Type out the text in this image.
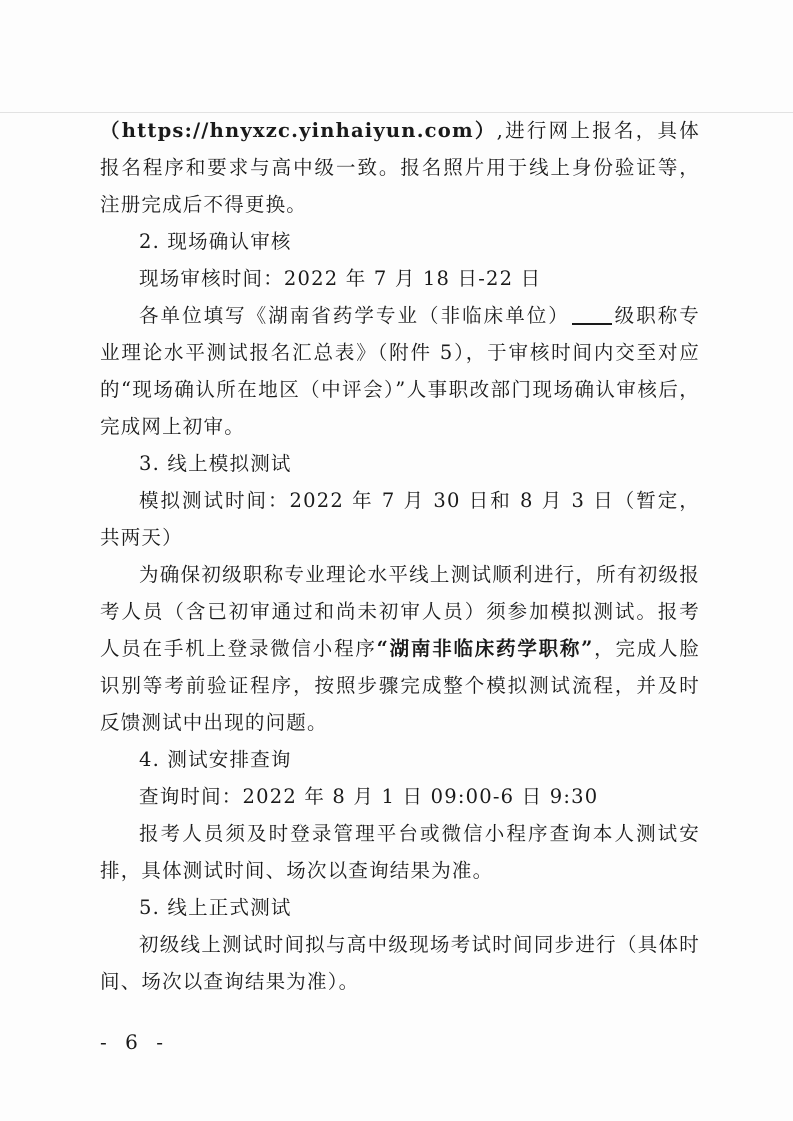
（https://hnyxzc.yinhaiyun.com）,进行网上报名，具体报名程序和要求与高中级一致。报名照片用于线上身份验证等，注册完成后不得更换。

2. 现场确认审核

现场审核时间：2022 年 7 月 18 日-22 日

各单位填写《湖南省药学专业（非临床单位） 级职称专业理论水平测试报名汇总表》（附件 5），于审核时间内交至对应的“现场确认所在地区（中评会）”人事职改部门现场确认审核后，完成网上初审。

3. 线上模拟测试

模拟测试时间：2022 年 7 月 30 日和 8 月 3 日（暂定，共两天）

为确保初级职称专业理论水平线上测试顺利进行，所有初级报考人员（含已初审通过和尚未初审人员）须参加模拟测试。报考人员在手机上登录微信小程序“湖南非临床药学职称”，完成人脸识别等考前验证程序，按照步骤完成整个模拟测试流程，并及时反馈测试中出现的问题。

4. 测试安排查询

查询时间：2022 年 8 月 1 日 09:00-6 日 9:30

报考人员须及时登录管理平台或微信小程序查询本人测试安排，具体测试时间、场次以查询结果为准。

5. 线上正式测试

初级线上测试时间拟与高中级现场考试时间同步进行（具体时间、场次以查询结果为准）。

- 6 -
